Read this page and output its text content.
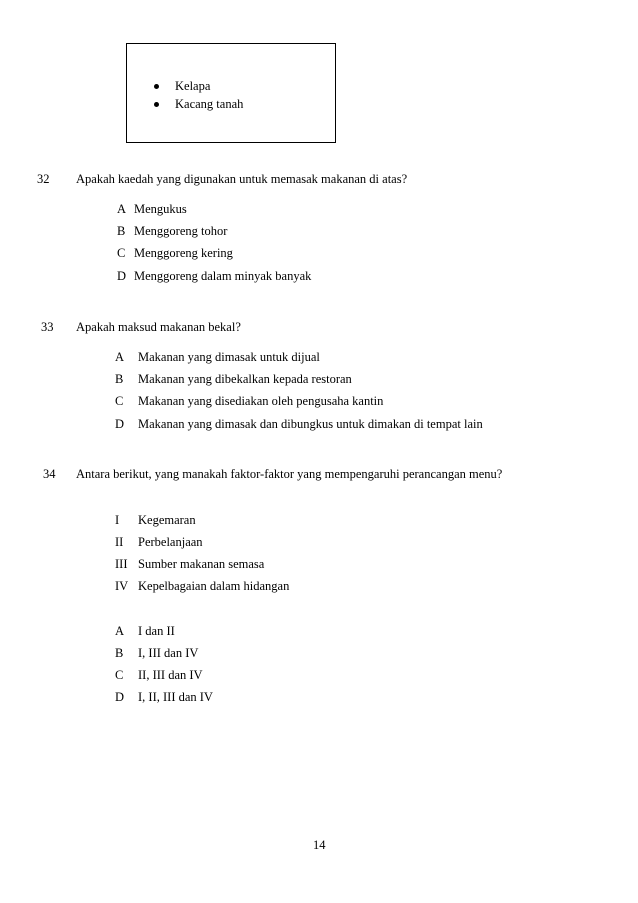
Kelapa
Kacang tanah
32 Apakah kaedah yang digunakan untuk memasak makanan di atas?
A Mengukus
B Menggoreng tohor
C Menggoreng kering
D Menggoreng dalam minyak banyak
33 Apakah maksud makanan bekal?
A Makanan yang dimasak untuk dijual
B Makanan yang dibekalkan kepada restoran
C Makanan yang disediakan oleh pengusaha kantin
D Makanan yang dimasak dan dibungkus untuk dimakan di tempat lain
34 Antara berikut, yang manakah faktor-faktor yang mempengaruhi perancangan menu?
I Kegemaran
II Perbelanjaan
III Sumber makanan semasa
IV Kepelbagaian dalam hidangan
A I dan II
B I, III dan IV
C II, III dan IV
D I, II, III dan IV
14
